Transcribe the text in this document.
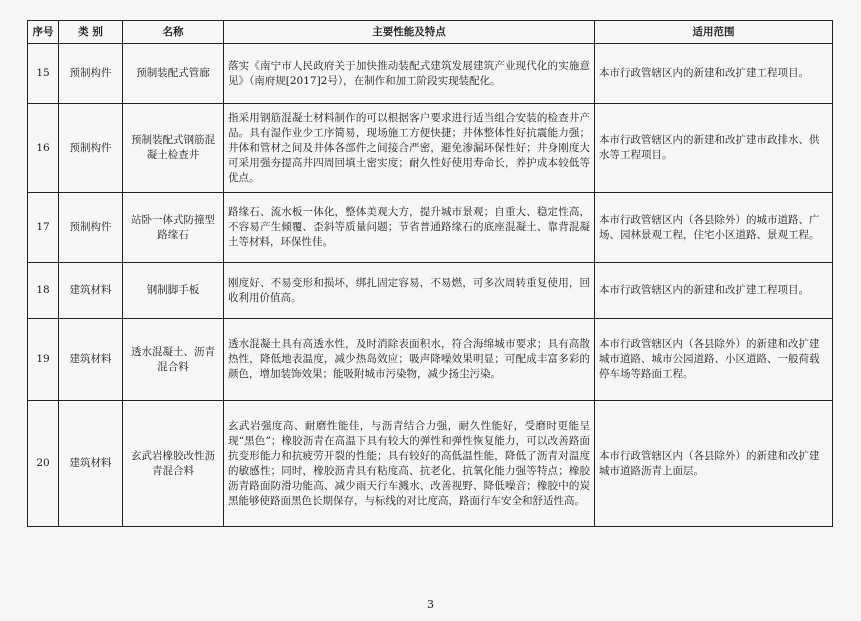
序号	类 别	名称	主要性能及特点	适用范围
15	预制构件	预制装配式管廊	落实《南宁市人民政府关于加快推动装配式建筑发展建筑产业现代化的实施意见》（南府规[2017]2号），在制作和加工阶段实现装配化。	本市行政管辖区内的新建和改扩建工程项目。
16	预制构件	预制装配式钢筋混凝土检查井	指采用钢筋混凝土材料制作的可以根据客户要求进行适当组合安装的检查井产品。具有湿作业少工序简易，现场施工方便快捷；井体整体性好抗震能力强；井体和管材之间及井体各部件之间接合严密，避免渗漏环保性好；井身刚度大可采用强夯提高井四周回填土密实度；耐久性好使用寿命长，养护成本较低等优点。	本市行政管辖区内的新建和改扩建市政排水、供水等工程项目。
17	预制构件	站卧一体式防撞型路缘石	路缘石、流水板一体化，整体美观大方，提升城市景观；自重大、稳定性高，不容易产生倾覆、歪斜等质量问题；节省普通路缘石的底座混凝土、靠背混凝土等材料，环保性佳。	本市行政管辖区内（各县除外）的城市道路、广场、园林景观工程，住宅小区道路、景观工程。
18	建筑材料	钢制脚手板	刚度好、不易变形和损坏，绑扎固定容易，不易燃，可多次周转重复使用，回收利用价值高。	本市行政管辖区内的新建和改扩建工程项目。
19	建筑材料	透水混凝土、沥青混合料	透水混凝土具有高透水性，及时消除表面积水，符合海绵城市要求；具有高散热性，降低地表温度，减少热岛效应；吸声降噪效果明显；可配成丰富多彩的颜色，增加装饰效果；能吸附城市污染物，减少扬尘污染。	本市行政管辖区内（各县除外）的新建和改扩建城市道路、城市公园道路、小区道路、一般荷载停车场等路面工程。
20	建筑材料	玄武岩橡胶改性沥青混合料	玄武岩强度高、耐磨性能佳，与沥青结合力强，耐久性能好，受磨时更能呈现“黑色”；橡胶沥青在高温下具有较大的弹性和弹性恢复能力，可以改善路面抗变形能力和抗疲劳开裂的性能；具有较好的高低温性能，降低了沥青对温度的敏感性；同时，橡胶沥青具有粘度高、抗老化、抗氧化能力强等特点；橡胶沥青路面防滑功能高、减少雨天行车溅水、改善视野、降低噪音；橡胶中的炭黑能够使路面黑色长期保存，与标线的对比度高，路面行车安全和舒适性高。	本市行政管辖区内（各县除外）的新建和改扩建城市道路沥青上面层。
3
